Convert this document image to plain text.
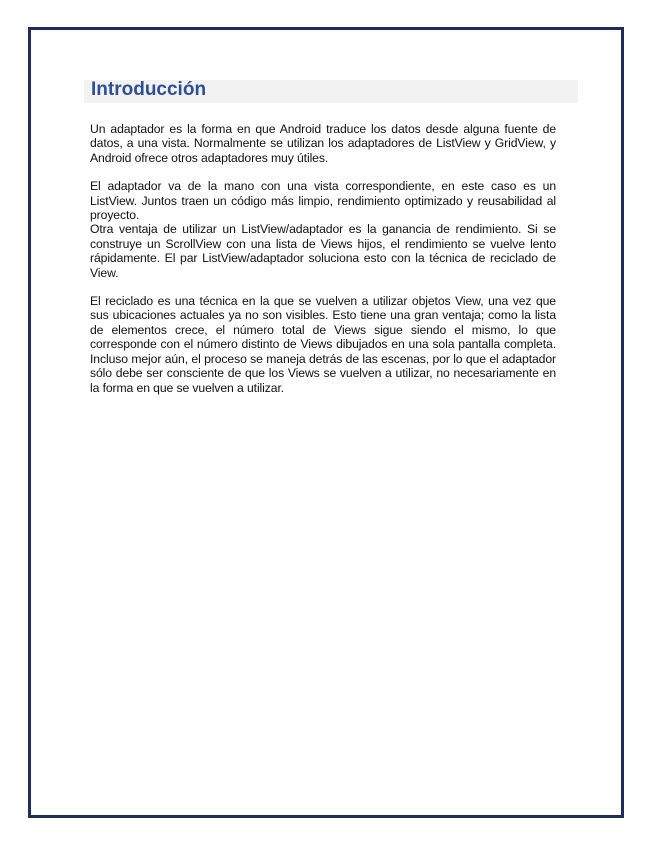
Introducción

Un adaptador es la forma en que Android traduce los datos desde alguna fuente de datos, a una vista. Normalmente se utilizan los adaptadores de ListView y GridView, y Android ofrece otros adaptadores muy útiles.

El adaptador va de la mano con una vista correspondiente, en este caso es un ListView. Juntos traen un código más limpio, rendimiento optimizado y reusabilidad al proyecto.

Otra ventaja de utilizar un ListView/adaptador es la ganancia de rendimiento. Si se construye un ScrollView con una lista de Views hijos, el rendimiento se vuelve lento rápidamente. El par ListView/adaptador soluciona esto con la técnica de reciclado de View.

El reciclado es una técnica en la que se vuelven a utilizar objetos View, una vez que sus ubicaciones actuales ya no son visibles. Esto tiene una gran ventaja; como la lista de elementos crece, el número total de Views sigue siendo el mismo, lo que corresponde con el número distinto de Views dibujados en una sola pantalla completa. Incluso mejor aún, el proceso se maneja detrás de las escenas, por lo que el adaptador sólo debe ser consciente de que los Views se vuelven a utilizar, no necesariamente en la forma en que se vuelven a utilizar.
